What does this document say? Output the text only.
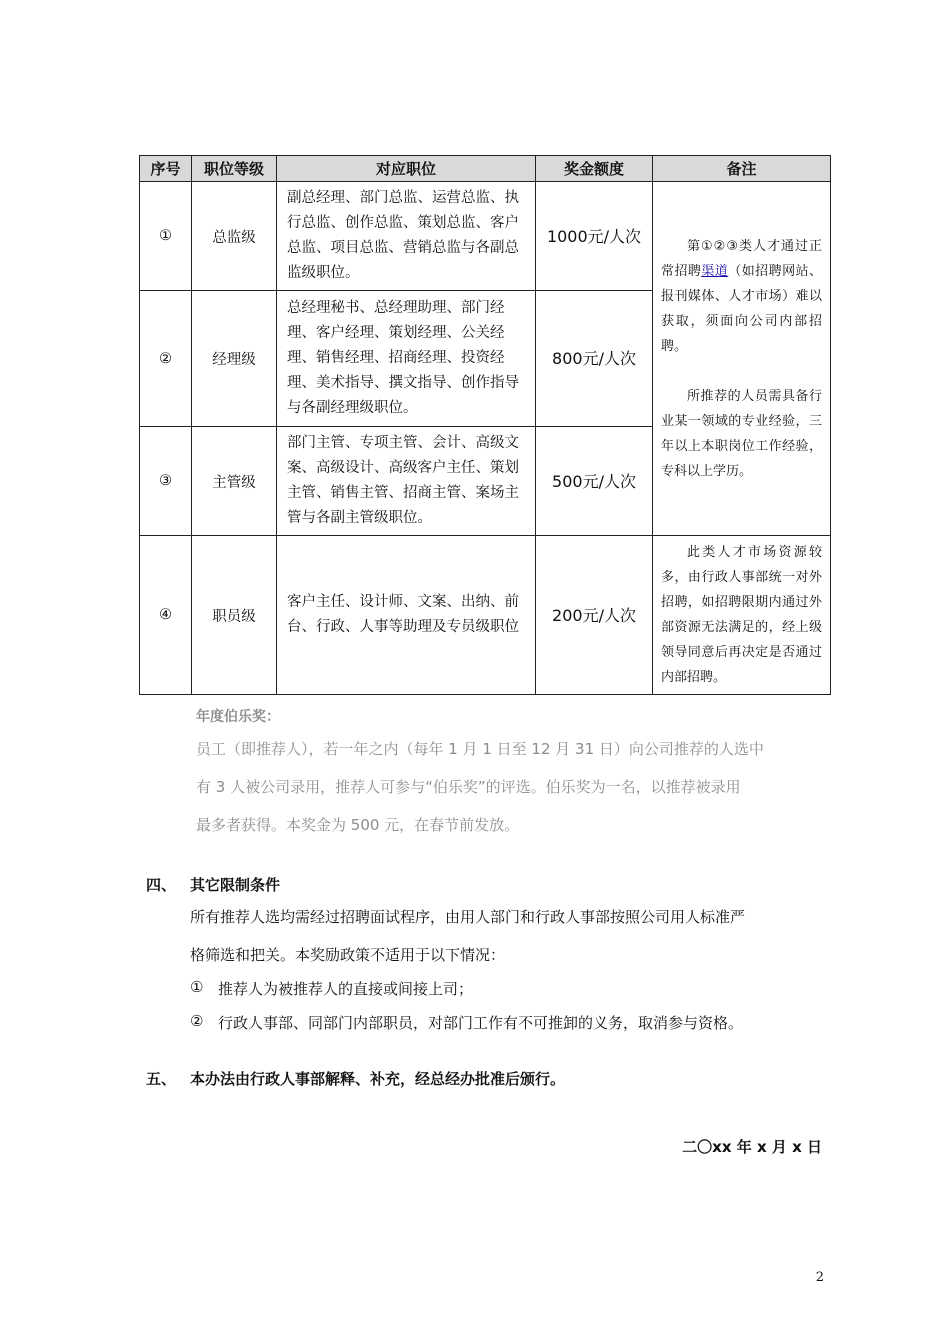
序号	职位等级	对应职位	奖金额度	备注
①	总监级	副总经理、部门总监、运营总监、执行总监、创作总监、策划总监、客户总监、项目总监、营销总监与各副总监级职位。	1000元/人次	第①②③类人才通过正常招聘渠道（如招聘网站、报刊媒体、人才市场）难以获取，须面向公司内部招聘。

所推荐的人员需具备行业某一领域的专业经验，三年以上本职岗位工作经验，专科以上学历。

②	经理级	总经理秘书、总经理助理、部门经理、客户经理、策划经理、公关经理、销售经理、招商经理、投资经理、美术指导、撰文指导、创作指导与各副经理级职位。	800元/人次	
③	主管级	部门主管、专项主管、会计、高级文案、高级设计、高级客户主任、策划主管、销售主管、招商主管、案场主管与各副主管级职位。	500元/人次	
④	职员级	客户主任、设计师、文案、出纳、前台、行政、人事等助理及专员级职位	200元/人次	此类人才市场资源较多，由行政人事部统一对外招聘，如招聘限期内通过外部资源无法满足的，经上级领导同意后再决定是否通过内部招聘。
年度伯乐奖：
员工（即推荐人），若一年之内（每年 1 月 1 日至 12 月 31 日）向公司推荐的人选中
有 3 人被公司录用，推荐人可参与“伯乐奖”的评选。伯乐奖为一名，以推荐被录用
最多者获得。本奖金为 500 元，在春节前发放。
四、 其它限制条件
所有推荐人选均需经过招聘面试程序，由用人部门和行政人事部按照公司用人标准严
格筛选和把关。本奖励政策不适用于以下情况：
① 推荐人为被推荐人的直接或间接上司；
② 行政人事部、同部门内部职员，对部门工作有不可推卸的义务，取消参与资格。
五、 本办法由行政人事部解释、补充，经总经办批准后颁行。
二〇xx 年 x 月 x 日
2
